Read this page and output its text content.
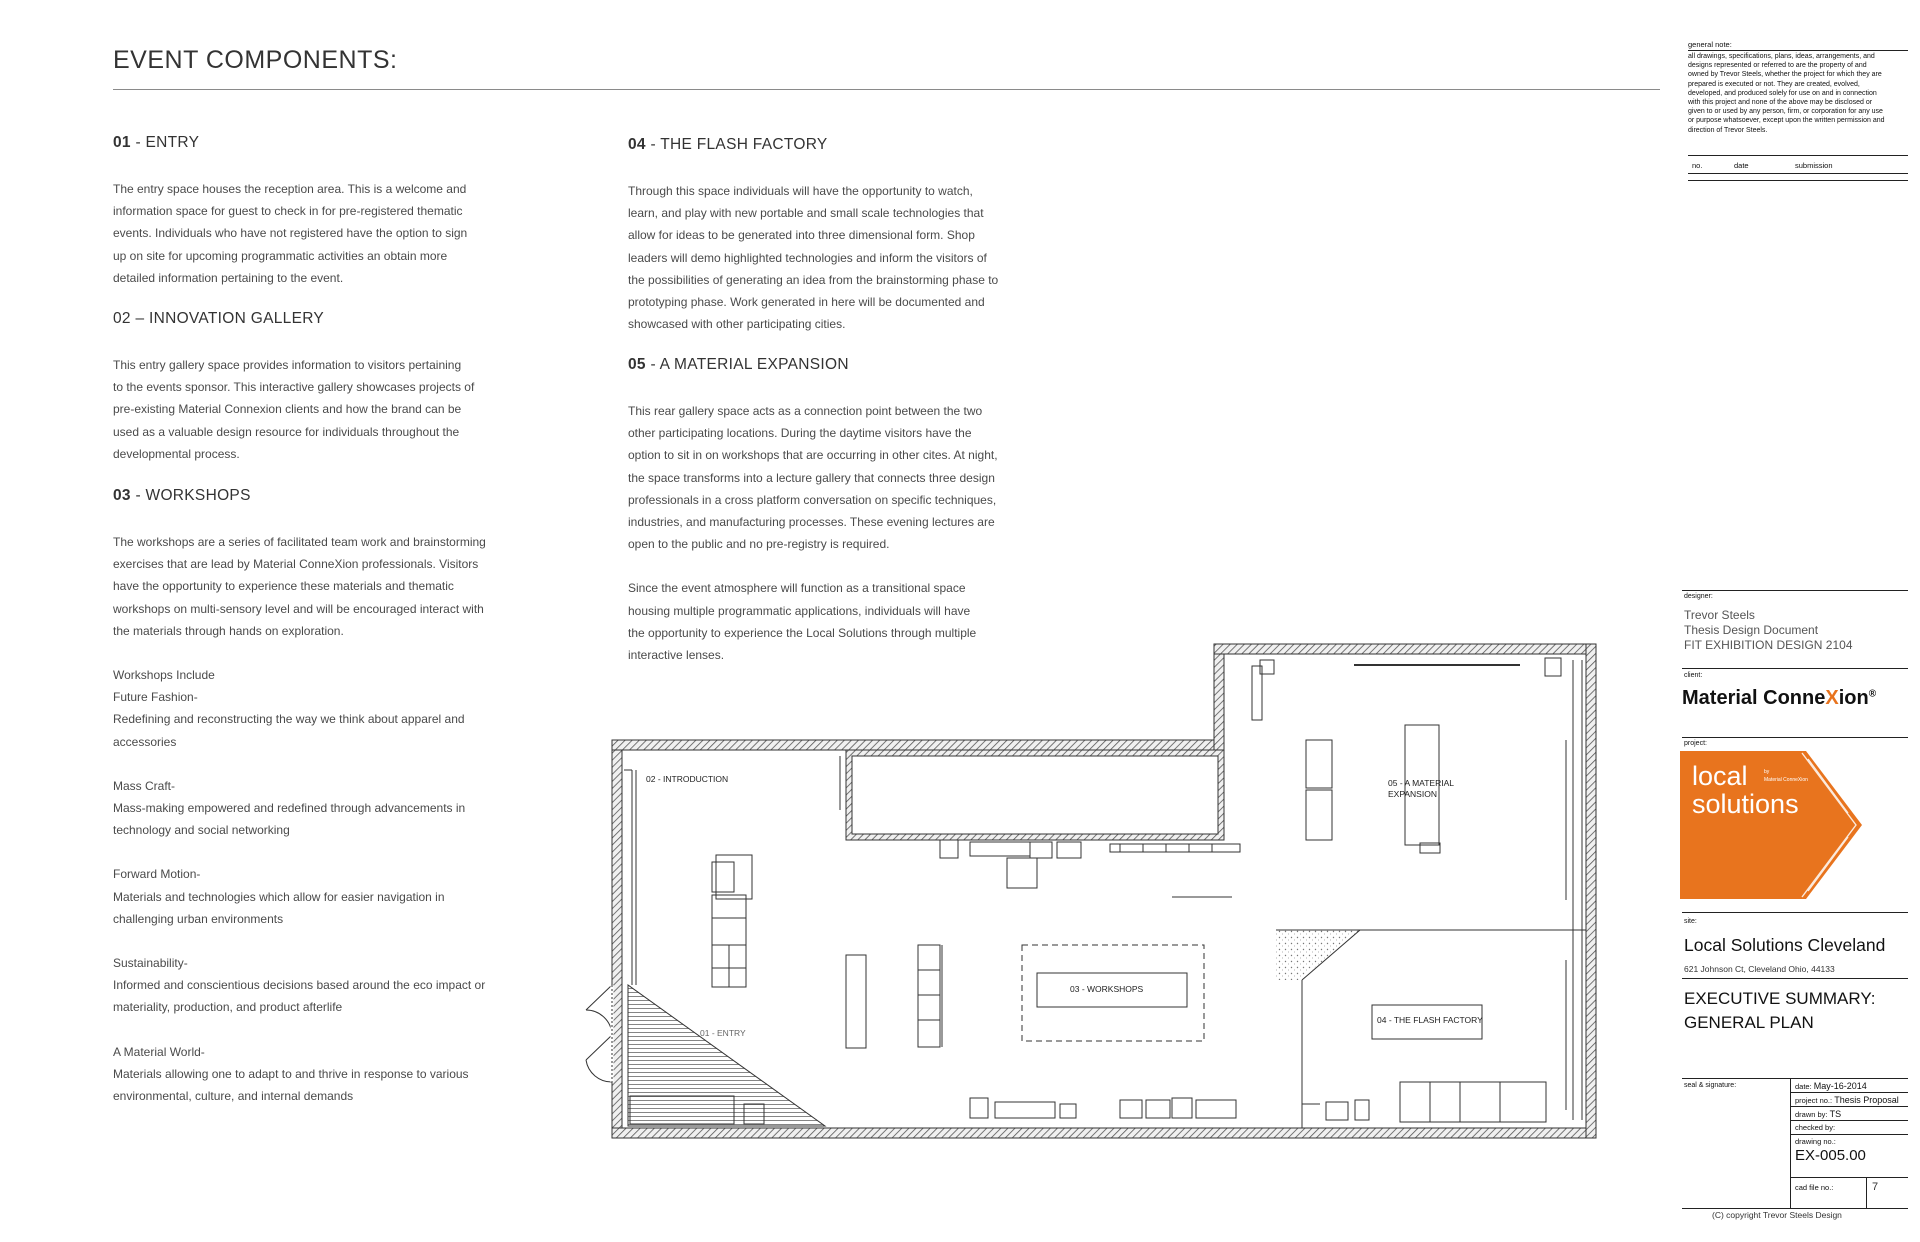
EVENT COMPONENTS:
01 - ENTRY

The entry space houses the reception area. This is a welcome and

information space for guest to check in for pre-registered thematic

events. Individuals who have not registered have the option to sign

up on site for upcoming programmatic activities an obtain more

detailed information pertaining to the event.

02 – INNOVATION GALLERY

This entry gallery space provides information to visitors pertaining

to the events sponsor. This interactive gallery showcases projects of

pre-existing Material Connexion clients and how the brand can be

used as a valuable design resource for individuals throughout the

developmental process.

03 - WORKSHOPS

The workshops are a series of facilitated team work and brainstorming

exercises that are lead by Material ConneXion professionals. Visitors

have the opportunity to experience these materials and thematic

workshops on multi-sensory level and will be encouraged interact with

the materials through hands on exploration.

Workshops Include

Future Fashion-

Redefining and reconstructing the way we think about apparel and

accessories

Mass Craft-

Mass-making empowered and redefined through advancements in

technology and social networking

Forward Motion-

Materials and technologies which allow for easier navigation in

challenging urban environments

Sustainability-

Informed and conscientious decisions based around the eco impact or

materiality, production, and product afterlife

A Material World-

Materials allowing one to adapt to and thrive in response to various

environmental, culture, and internal demands

04 - THE FLASH FACTORY

Through this space individuals will have the opportunity to watch,

learn, and play with new portable and small scale technologies that

allow for ideas to be generated into three dimensional form. Shop

leaders will demo highlighted technologies and inform the visitors of

the possibilities of generating an idea from the brainstorming phase to

prototyping phase. Work generated in here will be documented and

showcased with other participating cities.

05 - A MATERIAL EXPANSION

This rear gallery space acts as a connection point between the two

other participating locations. During the daytime visitors have the

option to sit in on workshops that are occurring in other cites. At night,

the space transforms into a lecture gallery that connects three design

professionals in a cross platform conversation on specific techniques,

industries, and manufacturing processes. These evening lectures are

open to the public and no pre-registry is required.

Since the event atmosphere will function as a transitional space

housing multiple programmatic applications, individuals will have

the opportunity to experience the Local Solutions through multiple

interactive lenses.

02 - INTRODUCTION	05 - A MATERIAL
EXPANSION
03 - WORKSHOPS
04 - THE FLASH FACTORY
01 - ENTRY
general note:
all drawings, specifications, plans, ideas, arrangements, and
designs represented or referred to are the property of and
owned by Trevor Steels, whether the project for which they are
prepared is executed or not. They are created, evolved,
developed, and produced solely for use on and in connection
with this project and none of the above may be disclosed or
given to or used by any person, firm, or corporation for any use
or purpose whatsoever, except upon the written permission and
direction of Trevor Steels.
no.	date	submission
designer:
Trevor Steels
Thesis Design Document
FIT EXHIBITION DESIGN 2104
client:
Material ConneXion®
project:
local
solutions
by
Material ConneXion
site:
Local Solutions Cleveland
621 Johnson Ct, Cleveland Ohio, 44133
EXECUTIVE SUMMARY:
GENERAL PLAN
seal & signature:	date: May-16-2014
project no.: Thesis Proposal
drawn by: TS
checked by:
drawing no.:
EX-005.00
cad file no.:	7
(C) copyright Trevor Steels Design
